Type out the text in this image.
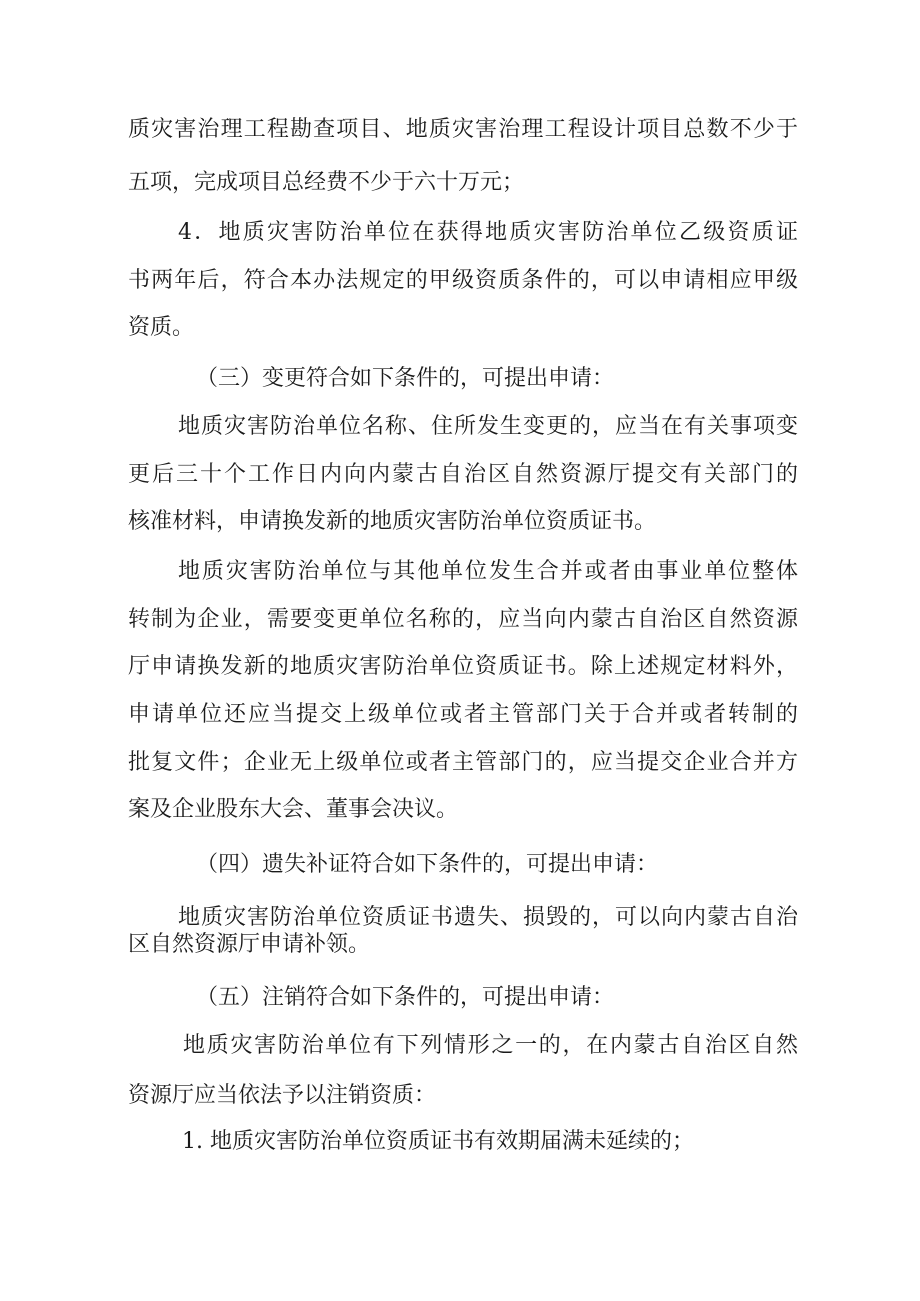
质灾害治理工程勘查项目、地质灾害治理工程设计项目总数不少于
五项，完成项目总经费不少于六十万元；
4．地质灾害防治单位在获得地质灾害防治单位乙级资质证
书两年后，符合本办法规定的甲级资质条件的，可以申请相应甲级
资质。
（三）变更符合如下条件的，可提出申请：
地质灾害防治单位名称、住所发生变更的，应当在有关事项变
更后三十个工作日内向内蒙古自治区自然资源厅提交有关部门的
核准材料，申请换发新的地质灾害防治单位资质证书。
地质灾害防治单位与其他单位发生合并或者由事业单位整体
转制为企业，需要变更单位名称的，应当向内蒙古自治区自然资源
厅申请换发新的地质灾害防治单位资质证书。除上述规定材料外，
申请单位还应当提交上级单位或者主管部门关于合并或者转制的
批复文件；企业无上级单位或者主管部门的，应当提交企业合并方
案及企业股东大会、董事会决议。
（四）遗失补证符合如下条件的，可提出申请：
地质灾害防治单位资质证书遗失、损毁的，可以向内蒙古自治
区自然资源厅申请补领。
（五）注销符合如下条件的，可提出申请：
地质灾害防治单位有下列情形之一的，在内蒙古自治区自然
资源厅应当依法予以注销资质：
1. 地质灾害防治单位资质证书有效期届满未延续的；
